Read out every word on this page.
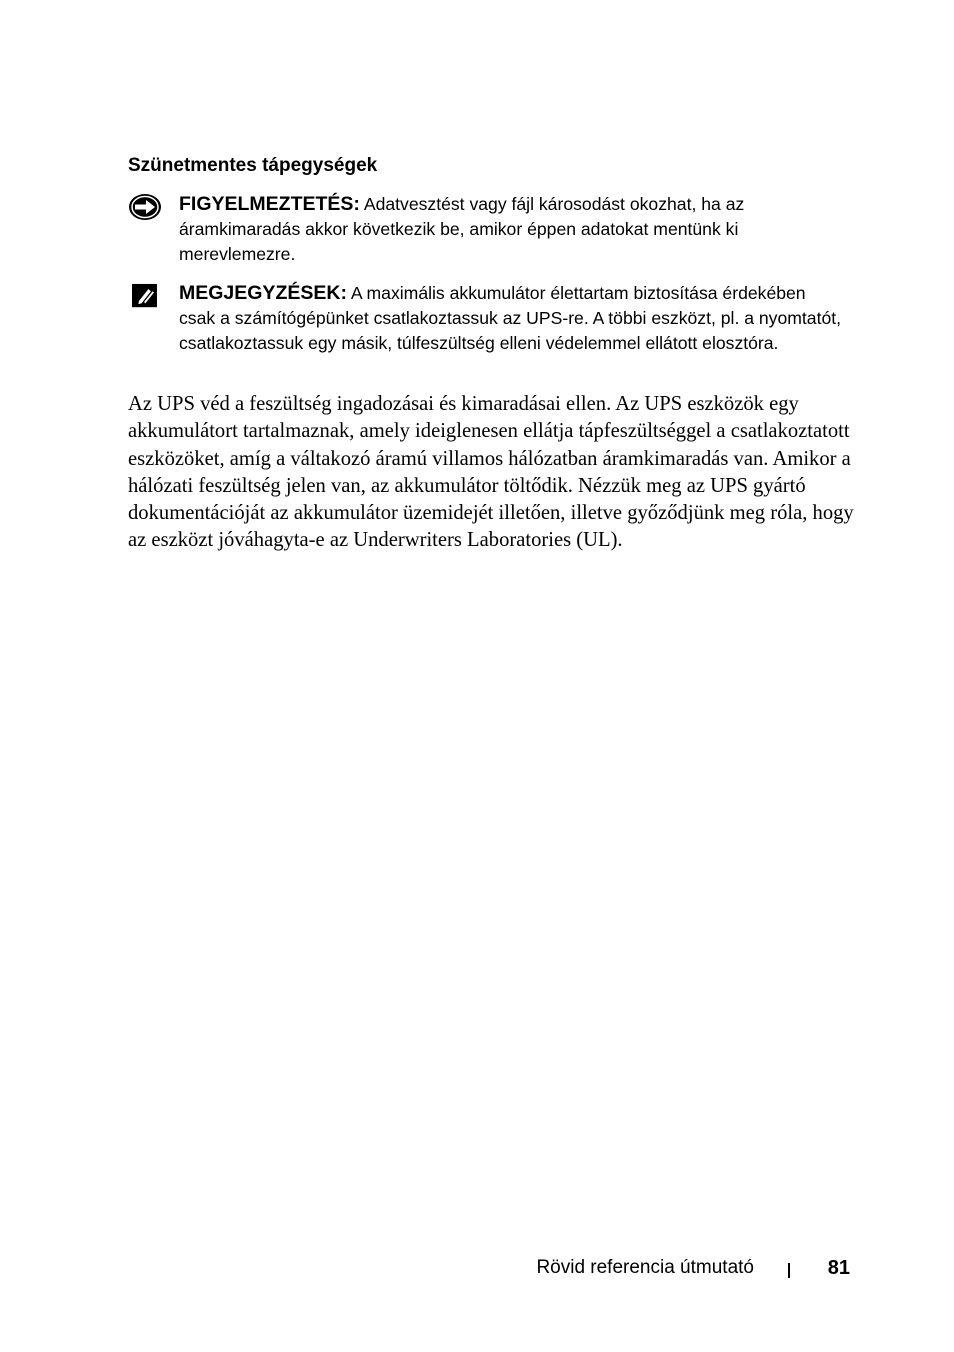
Szünetmentes tápegységek

FIGYELMEZTETÉS: Adatvesztést vagy fájl károsodást okozhat, ha az áramkimaradás akkor következik be, amikor éppen adatokat mentünk ki merevlemezre.

MEGJEGYZÉSEK: A maximális akkumulátor élettartam biztosítása érdekében csak a számítógépünket csatlakoztassuk az UPS-re. A többi eszközt, pl. a nyomtatót, csatlakoztassuk egy másik, túlfeszültség elleni védelemmel ellátott elosztóra.

Az UPS véd a feszültség ingadozásai és kimaradásai ellen. Az UPS eszközök egy akkumulátort tartalmaznak, amely ideiglenesen ellátja tápfeszültséggel a csatlakoztatott eszközöket, amíg a váltakozó áramú villamos hálózatban áramkimaradás van. Amikor a hálózati feszültség jelen van, az akkumulátor töltődik. Nézzük meg az UPS gyártó dokumentációját az akkumulátor üzemidejét illetően, illetve győződjünk meg róla, hogy az eszközt jóváhagyta-e az Underwriters Laboratories (UL).

Rövid referencia útmutató	81
